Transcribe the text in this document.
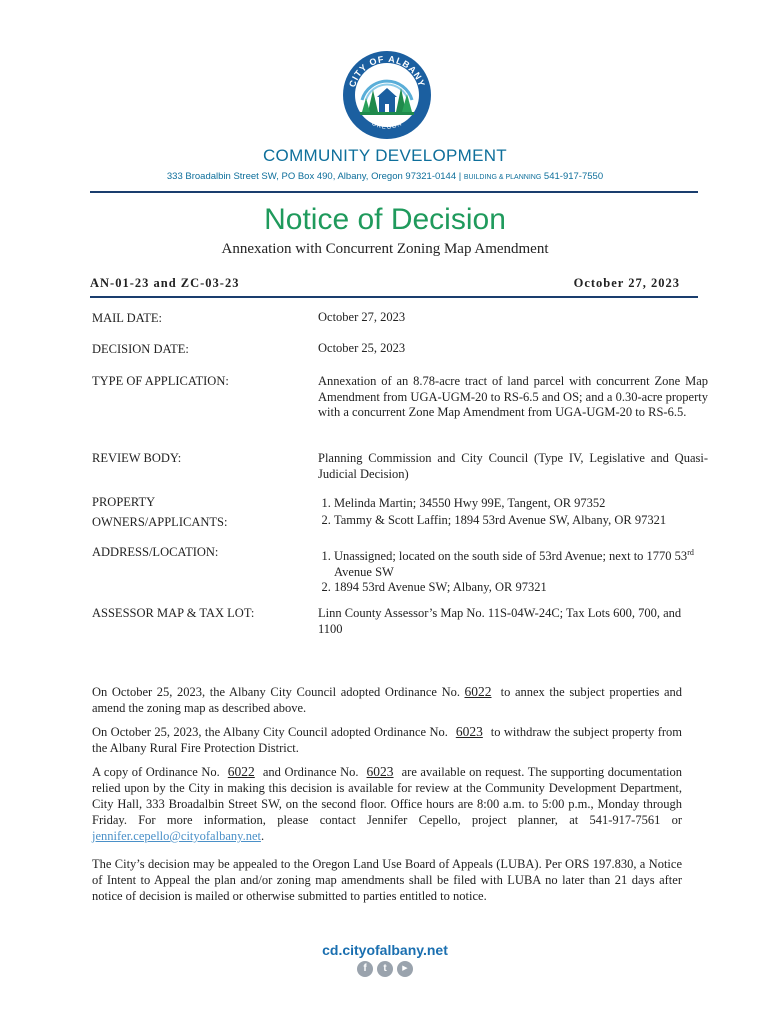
CITY OF ALBANY
OREGON
COMMUNITY DEVELOPMENT
333 Broadalbin Street SW, PO Box 490, Albany, Oregon 97321-0144 | BUILDING & PLANNING 541-917-7550
Notice of Decision
Annexation with Concurrent Zoning Map Amendment
AN-01-23 and ZC-03-23	October 27, 2023
MAIL DATE:	October 27, 2023
DECISION DATE:	October 25, 2023
TYPE OF APPLICATION:	Annexation of an 8.78-acre tract of land parcel with concurrent Zone Map Amendment from UGA-UGM-20 to RS-6.5 and OS; and a 0.30-acre property with a concurrent Zone Map Amendment from UGA-UGM-20 to RS-6.5.
REVIEW BODY:	Planning Commission and City Council (Type IV, Legislative and Quasi-Judicial Decision)
PROPERTY
OWNERS/APPLICANTS:
1. Melinda Martin; 34550 Hwy 99E, Tangent, OR 97352
2. Tammy & Scott Laffin; 1894 53rd Avenue SW, Albany, OR 97321
ADDRESS/LOCATION:
1.	Unassigned; located on the south side of 53rd Avenue; next to 1770 53rd Avenue SW
2. 1894 53rd Avenue SW; Albany, OR 97321
ASSESSOR MAP & TAX LOT:	Linn County Assessor’s Map No. 11S-04W-24C; Tax Lots 600, 700, and 1100
On October 25, 2023, the Albany City Council adopted Ordinance No. 6022 to annex the subject properties and amend the zoning map as described above.
On October 25, 2023, the Albany City Council adopted Ordinance No. 6023 to withdraw the subject property from the Albany Rural Fire Protection District.
A copy of Ordinance No. 6022 and Ordinance No. 6023 are available on request. The supporting documentation relied upon by the City in making this decision is available for review at the Community Development Department, City Hall, 333 Broadalbin Street SW, on the second floor. Office hours are 8:00 a.m. to 5:00 p.m., Monday through Friday. For more information, please contact Jennifer Cepello, project planner, at 541-917-7561 or jennifer.cepello@cityofalbany.net.
The City’s decision may be appealed to the Oregon Land Use Board of Appeals (LUBA). Per ORS 197.830, a Notice of Intent to Appeal the plan and/or zoning map amendments shall be filed with LUBA no later than 21 days after notice of decision is mailed or otherwise submitted to parties entitled to notice.
cd.cityofalbany.net
f	t	▶
